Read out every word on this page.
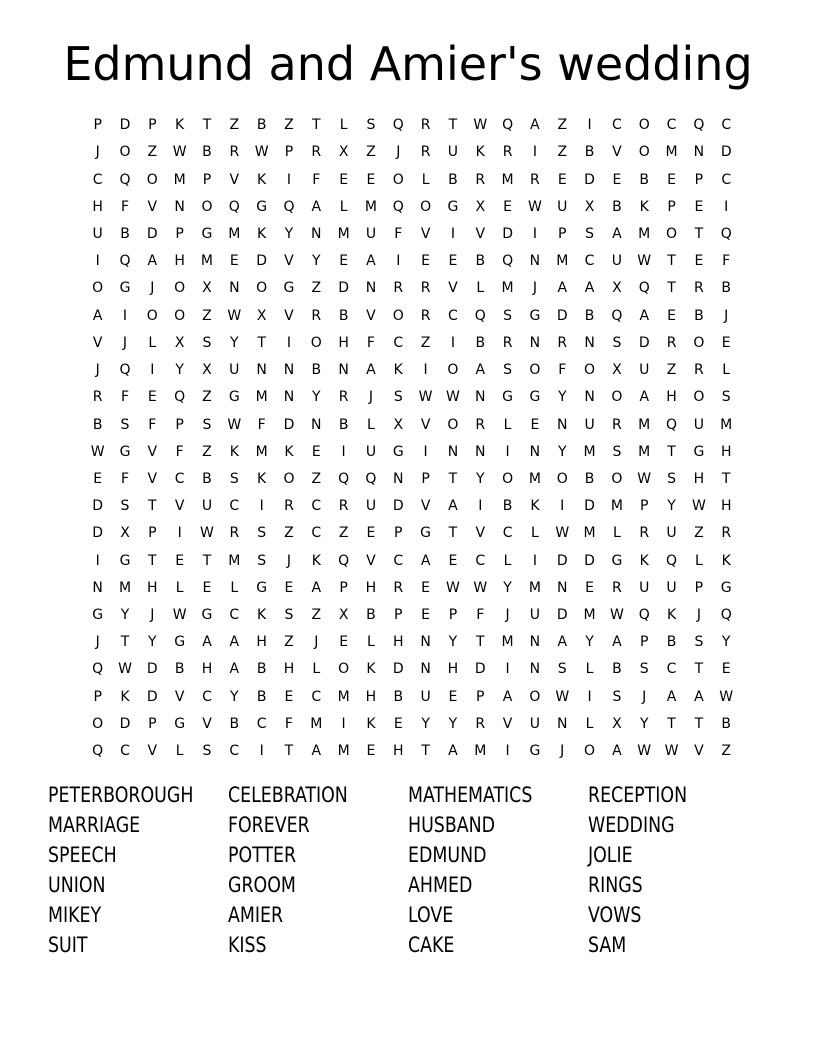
Edmund and Amier's wedding
P	D	P	K	T	Z	B	Z	T	L	S	Q	R	T	W	Q	A	Z	I	C	O	C	Q	C
J	O	Z	W	B	R	W	P	R	X	Z	J	R	U	K	R	I	Z	B	V	O	M	N	D
C	Q	O	M	P	V	K	I	F	E	E	O	L	B	R	M	R	E	D	E	B	E	P	C
H	F	V	N	O	Q	G	Q	A	L	M	Q	O	G	X	E	W	U	X	B	K	P	E	I
U	B	D	P	G	M	K	Y	N	M	U	F	V	I	V	D	I	P	S	A	M	O	T	Q
I	Q	A	H	M	E	D	V	Y	E	A	I	E	E	B	Q	N	M	C	U	W	T	E	F
O	G	J	O	X	N	O	G	Z	D	N	R	R	V	L	M	J	A	A	X	Q	T	R	B
A	I	O	O	Z	W	X	V	R	B	V	O	R	C	Q	S	G	D	B	Q	A	E	B	J
V	J	L	X	S	Y	T	I	O	H	F	C	Z	I	B	R	N	R	N	S	D	R	O	E
J	Q	I	Y	X	U	N	N	B	N	A	K	I	O	A	S	O	F	O	X	U	Z	R	L
R	F	E	Q	Z	G	M	N	Y	R	J	S	W W	N	G	G	Y	N	O	A	H	O	S
B	S	F	P	S	W	F	D	N	B	L	X	V	O	R	L	E	N	U	R	M	Q	U	M
W	G	V	F	Z	K	M	K	E	I	U	G	I	N	N	I	N	Y	M	S	M	T	G	H
E	F	V	C	B	S	K	O	Z	Q	Q	N	P	T	Y	O	M	O	B	O	W	S	H	T
D	S	T	V	U	C	I	R	C	R	U	D	V	A	I	B	K	I	D	M	P	Y	W	H
D	X	P	I	W	R	S	Z	C	Z	E	P	G	T	V	C	L	W	M	L	R	U	Z	R
I	G	T	E	T	M	S	J	K	Q	V	C	A	E	C	L	I	D	D	G	K	Q	L	K
N	M	H	L	E	L	G	E	A	P	H	R	E	W W	Y	M	N	E	R	U	U	P	G
G	Y	J	W	G	C	K	S	Z	X	B	P	E	P	F	J	U	D	M	W	Q	K	J	Q
J	T	Y	G	A	A	H	Z	J	E	L	H	N	Y	T	M	N	A	Y	A	P	B	S	Y
Q	W	D	B	H	A	B	H	L	O	K	D	N	H	D	I	N	S	L	B	S	C	T	E
P	K	D	V	C	Y	B	E	C	M	H	B	U	E	P	A	O	W	I	S	J	A	A	W
O	D	P	G	V	B	C	F	M	I	K	E	Y	Y	R	V	U	N	L	X	Y	T	T	B
Q	C	V	L	S	C	I	T	A	M	E	H	T	A	M	I	G	J	O	A	W W	V	Z
PETERBOROUGH	CELEBRATION	MATHEMATICS	RECEPTION
MARRIAGE	FOREVER	HUSBAND	WEDDING
SPEECH	POTTER	EDMUND	JOLIE
UNION	GROOM	AHMED	RINGS
MIKEY	AMIER	LOVE	VOWS
SUIT	KISS	CAKE	SAM
